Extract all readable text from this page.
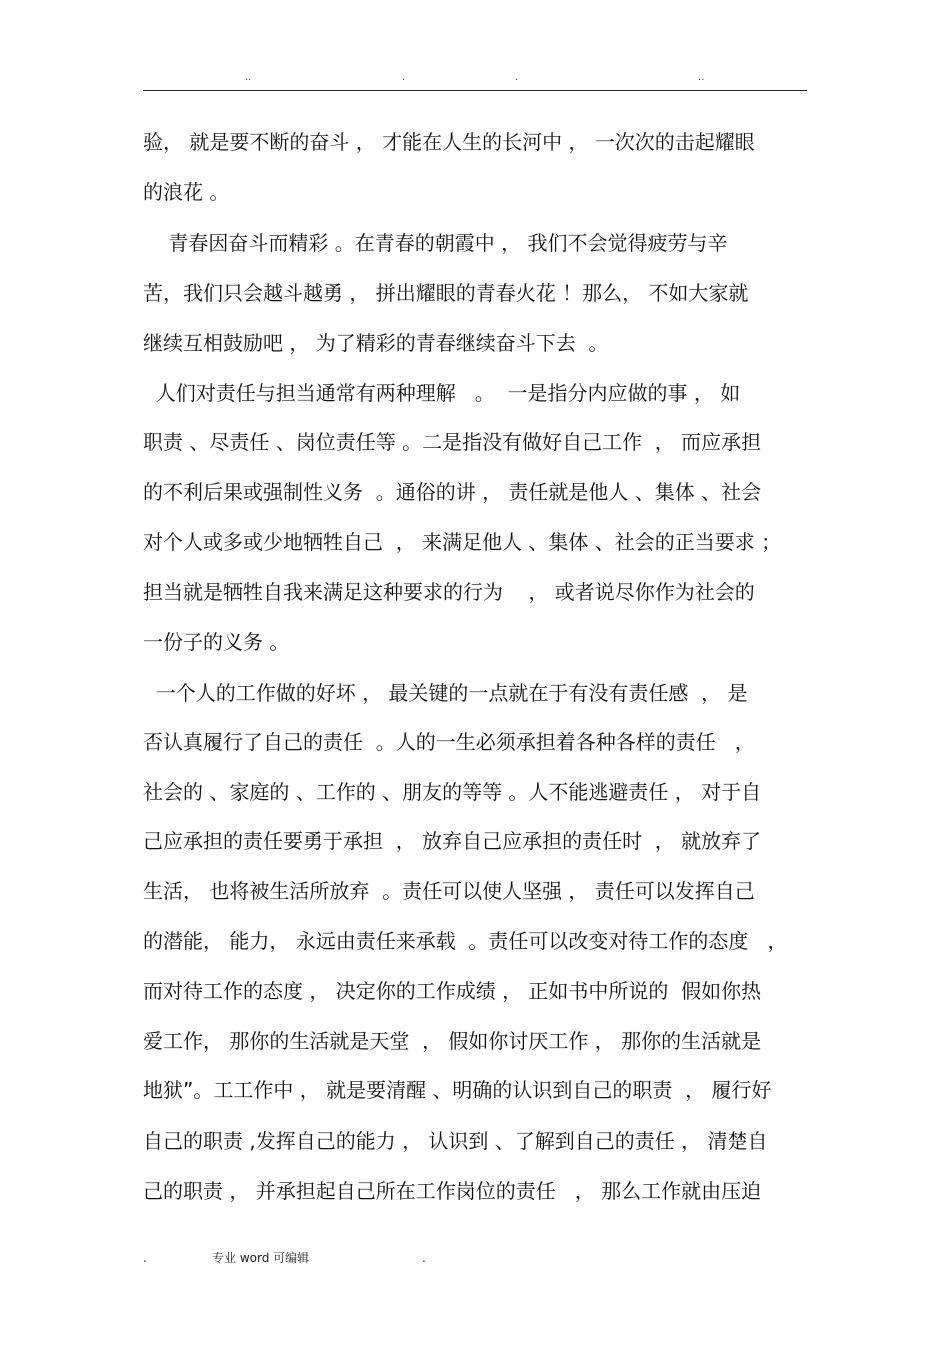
..	.	.	..
验， 就是要不断的奋斗 ， 才能在人生的长河中 ， 一次次的击起耀眼
的浪花 。
青春因奋斗而精彩 。在青春的朝霞中 ， 我们不会觉得疲劳与辛
苦，我们只会越斗越勇 ， 拼出耀眼的青春火花 ！那么， 不如大家就
继续互相鼓励吧 ， 为了精彩的青春继续奋斗下去  。
人们对责任与担当通常有两种理解   。  一是指分内应做的事 ， 如
职责 、尽责任 、岗位责任等 。二是指没有做好自己工作  ， 而应承担
的不利后果或强制性义务  。通俗的讲 ， 责任就是他人 、集体 、社会
对个人或多或少地牺牲自己  ， 来满足他人 、集体 、社会的正当要求 ；
担当就是牺牲自我来满足这种要求的行为    ， 或者说尽你作为社会的
一份子的义务 。
一个人的工作做的好坏 ， 最关键的一点就在于有没有责任感  ， 是
否认真履行了自己的责任  。人的一生必须承担着各种各样的责任   ，
社会的 、家庭的 、工作的 、朋友的等等 。人不能逃避责任 ， 对于自
己应承担的责任要勇于承担  ， 放弃自己应承担的责任时  ， 就放弃了
生活， 也将被生活所放弃  。责任可以使人坚强 ， 责任可以发挥自己
的潜能， 能力， 永远由责任来承载  。责任可以改变对待工作的态度   ，
而对待工作的态度 ， 决定你的工作成绩 ， 正如书中所说的  假如你热
爱工作， 那你的生活就是天堂  ， 假如你讨厌工作 ， 那你的生活就是
地狱”。工工作中 ， 就是要清醒 、明确的认识到自己的职责  ， 履行好
自己的职责 ,发挥自己的能力 ， 认识到 、了解到自己的责任 ， 清楚自
己的职责 ， 并承担起自己所在工作岗位的责任   ， 那么工作就由压迫
.	专业 word 可编辑	.
